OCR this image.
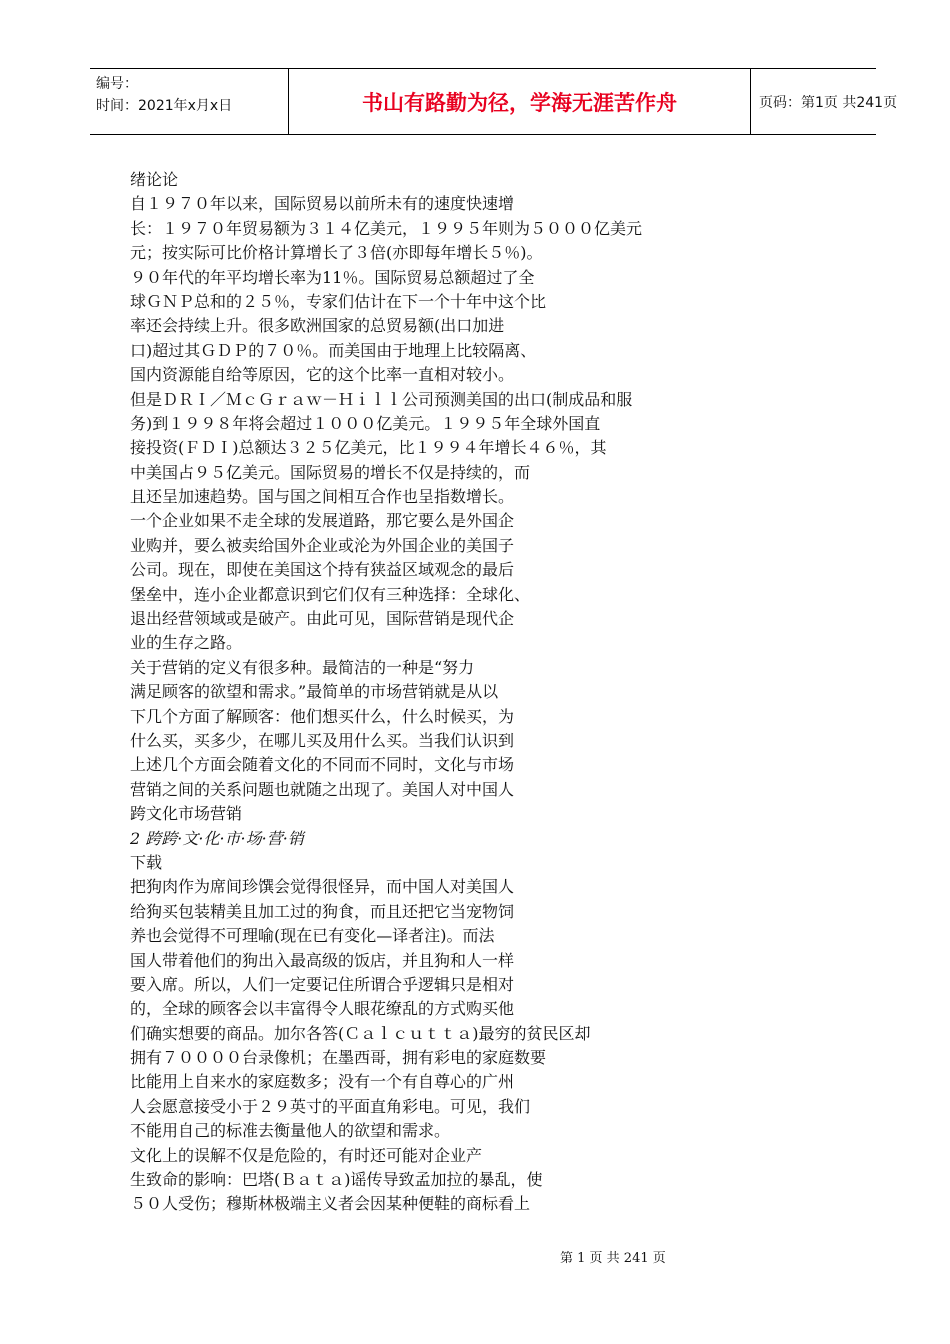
编号：
时间：2021年x月x日	书山有路勤为径，学海无涯苦作舟	页码：第1页 共241页
绪论论
自１９７０年以来，国际贸易以前所未有的速度快速增
长：１９７０年贸易额为３１４亿美元，１９９５年则为５０００亿美元
元；按实际可比价格计算增长了３倍(亦即每年增长５％)。
９０年代的年平均增长率为11％。国际贸易总额超过了全
球ＧＮＰ总和的２５％，专家们估计在下一个十年中这个比
率还会持续上升。很多欧洲国家的总贸易额(出口加进
口)超过其ＧＤＰ的７０％。而美国由于地理上比较隔离、
国内资源能自给等原因，它的这个比率一直相对较小。
但是ＤＲＩ／ＭｃＧｒａｗ－Ｈｉｌｌ公司预测美国的出口(制成品和服
务)到１９９８年将会超过１０００亿美元。１９９５年全球外国直
接投资(ＦＤＩ)总额达３２５亿美元，比１９９４年增长４６％，其
中美国占９５亿美元。国际贸易的增长不仅是持续的，而
且还呈加速趋势。国与国之间相互合作也呈指数增长。
一个企业如果不走全球的发展道路，那它要么是外国企
业购并，要么被卖给国外企业或沦为外国企业的美国子
公司。现在，即使在美国这个持有狭益区域观念的最后
堡垒中，连小企业都意识到它们仅有三种选择：全球化、
退出经营领域或是破产。由此可见，国际营销是现代企
业的生存之路。
关于营销的定义有很多种。最简洁的一种是“努力
满足顾客的欲望和需求。”最简单的市场营销就是从以
下几个方面了解顾客：他们想买什么，什么时候买，为
什么买，买多少，在哪儿买及用什么买。当我们认识到
上述几个方面会随着文化的不同而不同时，文化与市场
营销之间的关系问题也就随之出现了。美国人对中国人
跨文化市场营销
2 跨跨·文·化·市·场·营·销
下载
把狗肉作为席间珍馔会觉得很怪异，而中国人对美国人
给狗买包装精美且加工过的狗食，而且还把它当宠物饲
养也会觉得不可理喻(现在已有变化—译者注)。而法
国人带着他们的狗出入最高级的饭店，并且狗和人一样
要入席。所以，人们一定要记住所谓合乎逻辑只是相对
的，全球的顾客会以丰富得令人眼花缭乱的方式购买他
们确实想要的商品。加尔各答(Ｃａｌｃｕｔｔａ)最穷的贫民区却
拥有７００００台录像机；在墨西哥，拥有彩电的家庭数要
比能用上自来水的家庭数多；没有一个有自尊心的广州
人会愿意接受小于２９英寸的平面直角彩电。可见，我们
不能用自己的标准去衡量他人的欲望和需求。
文化上的误解不仅是危险的，有时还可能对企业产
生致命的影响：巴塔(Ｂａｔａ)谣传导致孟加拉的暴乱，使
５０人受伤；穆斯林极端主义者会因某种便鞋的商标看上
第 1 页 共 241 页
